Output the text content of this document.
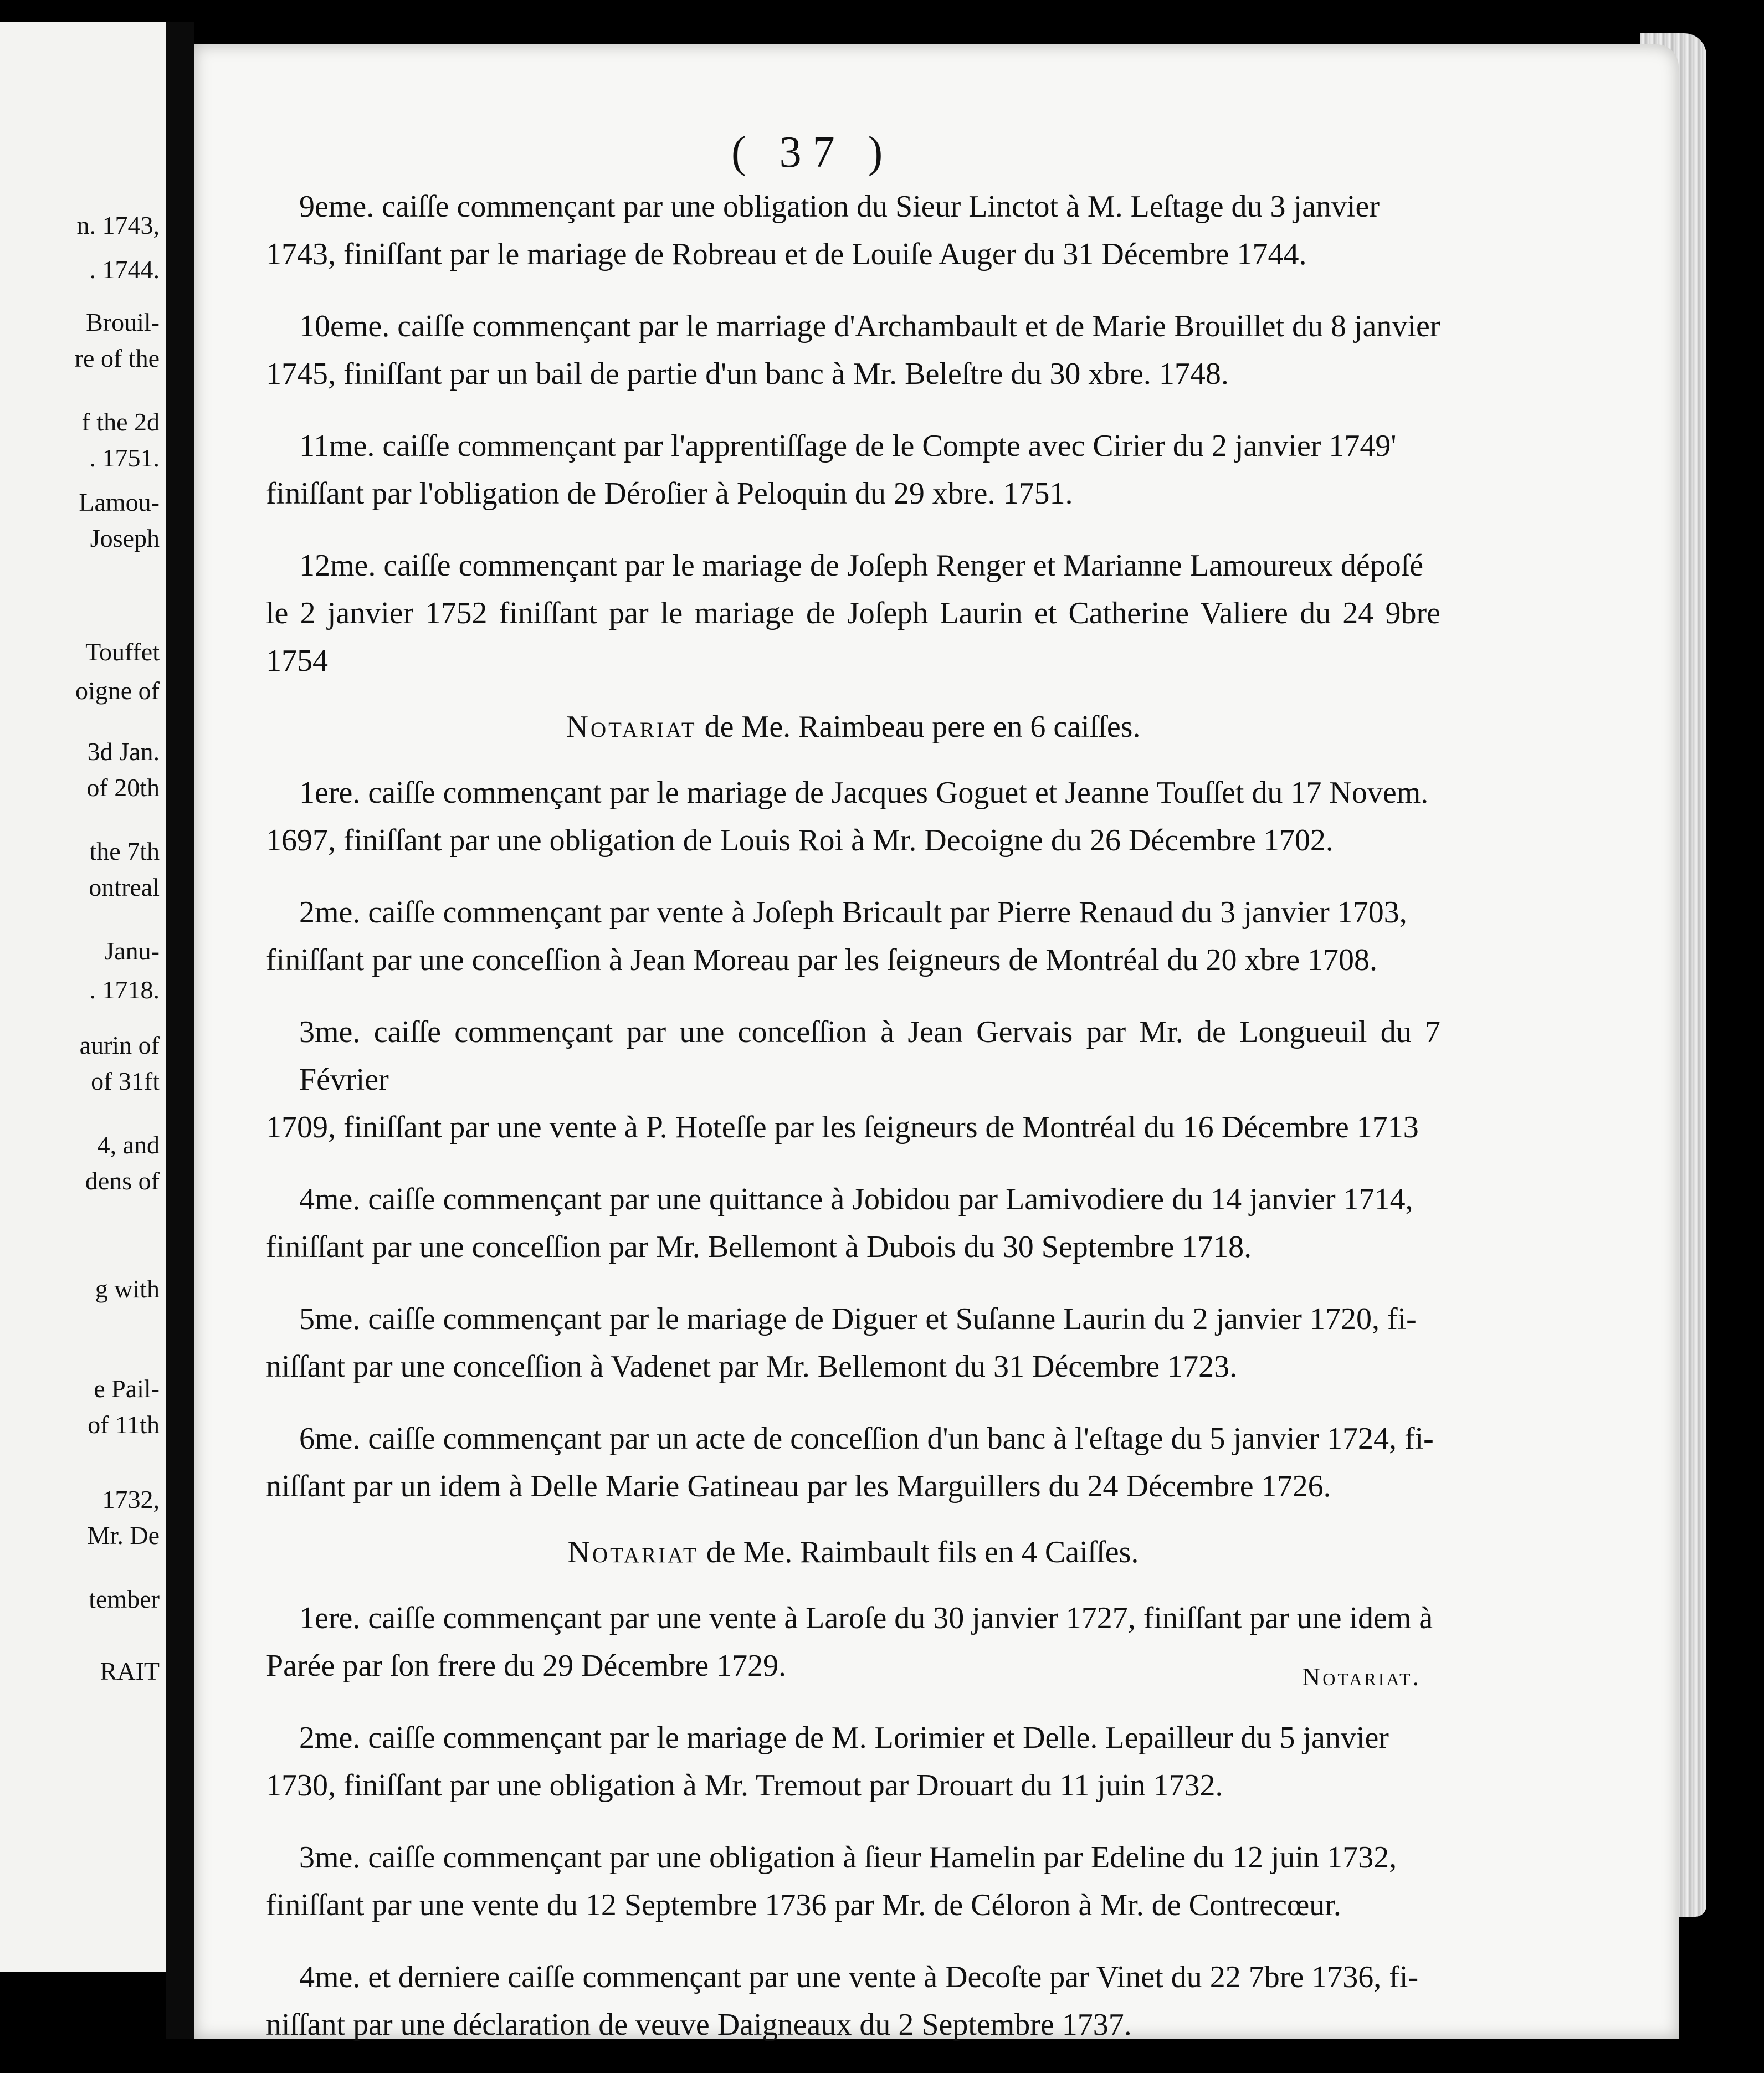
n. 1743,
. 1744.
Brouil-
re of the
f the 2d
. 1751.
Lamou-
Joseph
Touffet
oigne of
3d Jan.
of 20th
the 7th
ontreal
Janu-
. 1718.
aurin of
of 31ft
4, and
dens of
g with
e Pail-
of 11th
1732,
Mr. De
tember
RAIT
( 37 )
9eme. caiſſe commençant par une obligation du Sieur Linctot à M. Leſtage du 3 janvier
1743, finiſſant par le mariage de Robreau et de Louiſe Auger du 31 Décembre 1744.
10eme. caiſſe commençant par le marriage d'Archambault et de Marie Brouillet du 8 janvier
1745, finiſſant par un bail de partie d'un banc à Mr. Beleſtre du 30 xbre. 1748.
11me. caiſſe commençant par l'apprentiſſage de le Compte avec Cirier du 2 janvier 1749'
finiſſant par l'obligation de Déroſier à Peloquin du 29 xbre. 1751.
12me. caiſſe commençant par le mariage de Joſeph Renger et Marianne Lamoureux dépoſé
le 2 janvier 1752 finiſſant par le mariage de Joſeph Laurin et Catherine Valiere du 24 9bre 1754
Notariat de Me. Raimbeau pere en 6 caiſſes.
1ere. caiſſe commençant par le mariage de Jacques Goguet et Jeanne Touſſet du 17 Novem.
1697, finiſſant par une obligation de Louis Roi à Mr. Decoigne du 26 Décembre 1702.
2me. caiſſe commençant par vente à Joſeph Bricault par Pierre Renaud du 3 janvier 1703,
finiſſant par une conceſſion à Jean Moreau par les ſeigneurs de Montréal du 20 xbre 1708.
3me. caiſſe commençant par une conceſſion à Jean Gervais par Mr. de Longueuil du 7 Février
1709, finiſſant par une vente à P. Hoteſſe par les ſeigneurs de Montréal du 16 Décembre 1713
4me. caiſſe commençant par une quittance à Jobidou par Lamivodiere du 14 janvier 1714,
finiſſant par une conceſſion par Mr. Bellemont à Dubois du 30 Septembre 1718.
5me. caiſſe commençant par le mariage de Diguer et Suſanne Laurin du 2 janvier 1720, fi-
niſſant par une conceſſion à Vadenet par Mr. Bellemont du 31 Décembre 1723.
6me. caiſſe commençant par un acte de conceſſion d'un banc à l'eſtage du 5 janvier 1724, fi-
niſſant par un idem à Delle Marie Gatineau par les Marguillers du 24 Décembre 1726.
Notariat de Me. Raimbault fils en 4 Caiſſes.
1ere. caiſſe commençant par une vente à Laroſe du 30 janvier 1727, finiſſant par une idem à
Parée par ſon frere du 29 Décembre 1729.
2me. caiſſe commençant par le mariage de M. Lorimier et Delle. Lepailleur du 5 janvier
1730, finiſſant par une obligation à Mr. Tremout par Drouart du 11 juin 1732.
3me. caiſſe commençant par une obligation à ſieur Hamelin par Edeline du 12 juin 1732,
finiſſant par une vente du 12 Septembre 1736 par Mr. de Céloron à Mr. de Contrecœur.
4me. et derniere caiſſe commençant par une vente à Decoſte par Vinet du 22 7bre 1736, fi-
niſſant par une déclaration de veuve Daigneaux du 2 Septembre 1737.
Notariat.
